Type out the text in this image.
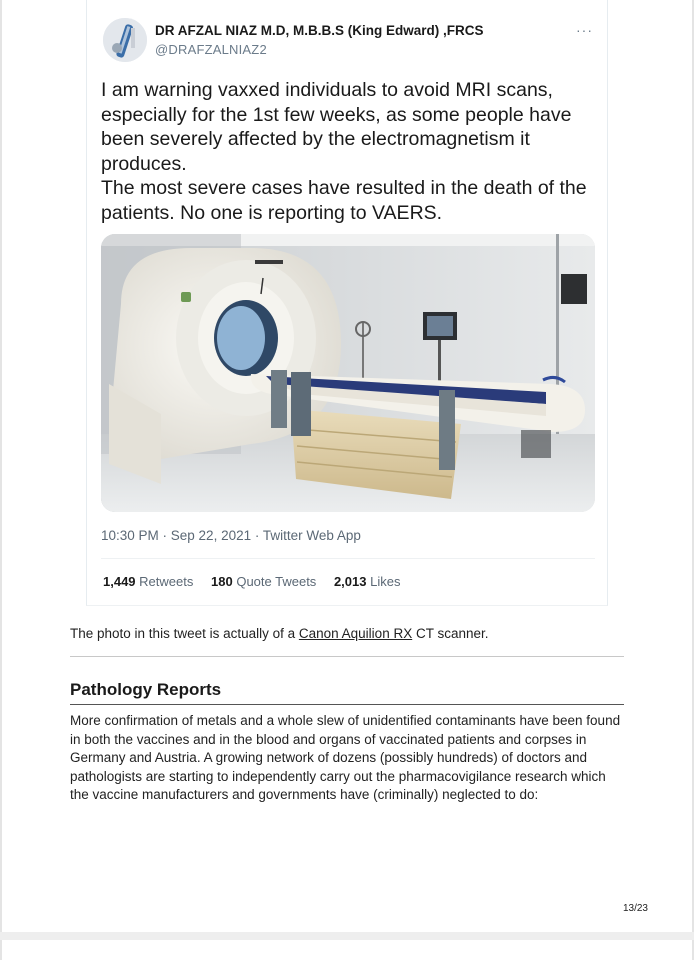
DR AFZAL NIAZ M.D, M.B.B.S (King Edward) ,FRCS
@DRAFZALNIAZ2
···

I am warning vaxxed individuals to avoid MRI scans, especially for the 1st few weeks, as some people have been severely affected by the electromagnetism it produces.

The most severe cases have resulted in the death of the patients. No one is reporting to VAERS.

10:30 PM · Sep 22, 2021 · Twitter Web App
1,449 Retweets 180 Quote Tweets 2,013 Likes
The photo in this tweet is actually of a Canon Aquilion RX CT scanner.
Pathology Reports

More confirmation of metals and a whole slew of unidentified contaminants have been found in both the vaccines and in the blood and organs of vaccinated patients and corpses in Germany and Austria. A growing network of dozens (possibly hundreds) of doctors and pathologists are starting to independently carry out the pharmacovigilance research which the vaccine manufacturers and governments have (criminally) neglected to do:

13/23
